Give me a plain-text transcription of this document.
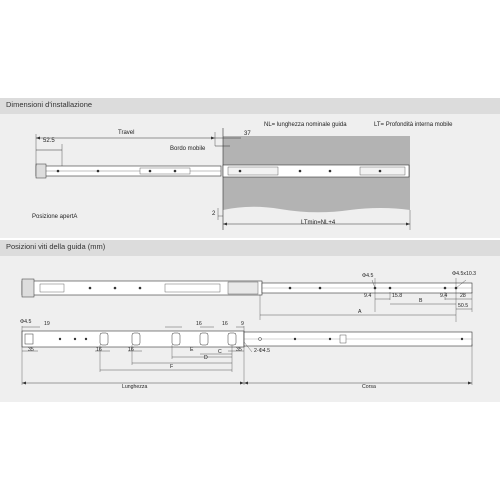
Dimensioni d'installazione
NL= lunghezza nominale guida	LT= Profondità interna mobile
Travel	37
52.5
Bordo mobile
2
LTmin=NL+4
Posizione apertA
Posizioni viti della guida (mm)
Φ4.5	Φ4.5x10.3
9.4	15.8	9.4 28
B
50.5
A
Φ4.5 19	16	16	9
35	16	16	E	C	35
D
2-Φ4.5
F
Lunghezza	Corsa
